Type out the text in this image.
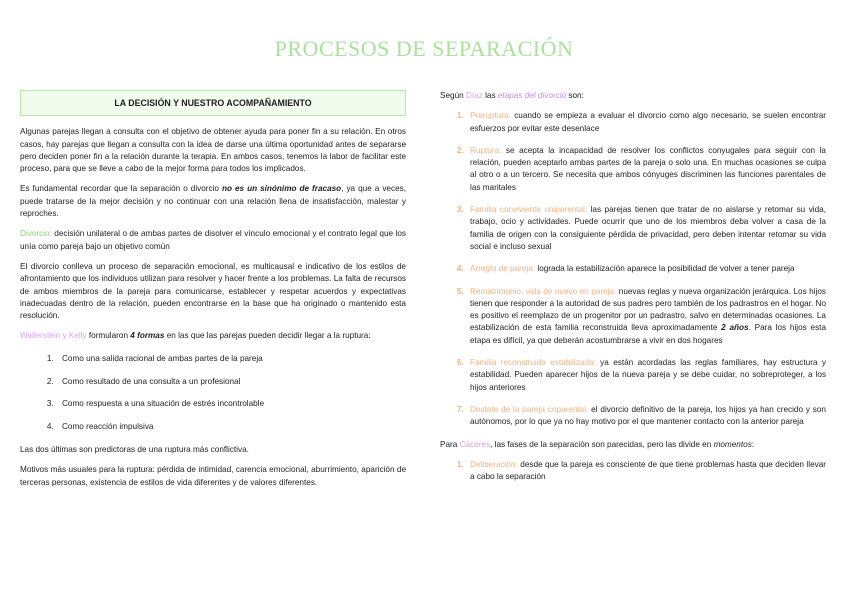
PROCESOS DE SEPARACIÓN
LA DECISIÓN Y NUESTRO ACOMPAÑAMIENTO

Algunas parejas llegan a consulta con el objetivo de obtener ayuda para poner fin a su relación. En otros casos, hay parejas que llegan a consulta con la idea de darse una última oportunidad antes de separarse pero deciden poner fin a la relación durante la terapia. En ambos casos, tenemos la labor de facilitar este proceso, para que se lleve a cabo de la mejor forma para todos los implicados.

Es fundamental recordar que la separación o divorcio no es un sinónimo de fracaso, ya que a veces, puede tratarse de la mejor decisión y no continuar con una relación llena de insatisfacción, malestar y reproches.

Divorcio: decisión unilateral o de ambas partes de disolver el vínculo emocional y el contrato legal que los unía como pareja bajo un objetivo común

El divorcio conlleva un proceso de separación emocional, es multicausal e indicativo de los estilos de afrontamiento que los individuos utilizan para resolver y hacer frente a los problemas. La falta de recursos de ambos miembros de la pareja para comunicarse, establecer y respetar acuerdos y expectativas inadecuadas dentro de la relación, pueden encontrarse en la base que ha originado o mantenido esta resolución.

Wallerstein y Kelly formularon 4 formas en las que las parejas pueden decidir llegar a la ruptura:

1. Como una salida racional de ambas partes de la pareja
2. Como resultado de una consulta a un profesional
3. Como respuesta a una situación de estrés incontrolable
4. Como reacción impulsiva

Las dos últimas son predictoras de una ruptura más conflictiva.

Motivos más usuales para la ruptura: pérdida de intimidad, carencia emocional, aburrimiento, aparición de terceras personas, existencia de estilos de vida diferentes y de valores diferentes.

Según Díaz las etapas del divorcio son:

1. Preruptura: cuando se empieza a evaluar el divorcio como algo necesario, se suelen encontrar esfuerzos por evitar este desenlace
2. Ruptura: se acepta la incapacidad de resolver los conflictos conyugales para seguir con la relación, pueden aceptarlo ambas partes de la pareja o solo una. En muchas ocasiones se culpa al otro o a un tercero. Se necesita que ambos cónyuges discriminen las funciones parentales de las maritales
3. Familia conviviente uniparental: las parejas tienen que tratar de no aislarse y retomar su vida, trabajo, ocio y actividades. Puede ocurrir que uno de los miembros deba volver a casa de la familia de origen con la consiguiente pérdida de privacidad, pero deben intentar retomar su vida social e incluso sexual
4. Arreglo de pareja: lograda la estabilización aparece la posibilidad de volver a tener pareja
5. Rematrimonio, vida de nuevo en pareja: nuevas reglas y nueva organización jerárquica. Los hijos tienen que responder a la autoridad de sus padres pero también de los padrastros en el hogar. No es positivo el reemplazo de un progenitor por un padrastro, salvo en determinadas ocasiones. La estabilización de esta familia reconstruida lleva aproximadamente 2 años. Para los hijos esta etapa es difícil, ya que deberán acostumbrarse a vivir en dos hogares
6. Familia reconstruida estabilizada: ya están acordadas las reglas familiares, hay estructura y estabilidad. Pueden aparecer hijos de la nueva pareja y se debe cuidar, no sobreproteger, a los hijos anteriores
7. Destete de la pareja coparental: el divorcio definitivo de la pareja, los hijos ya han crecido y son autónomos, por lo que ya no hay motivo por el que mantener contacto con la anterior pareja

Para Cáceres, las fases de la separación son parecidas, pero las divide en momentos:

1. Deliberación: desde que la pareja es consciente de que tiene problemas hasta que deciden llevar a cabo la separación
